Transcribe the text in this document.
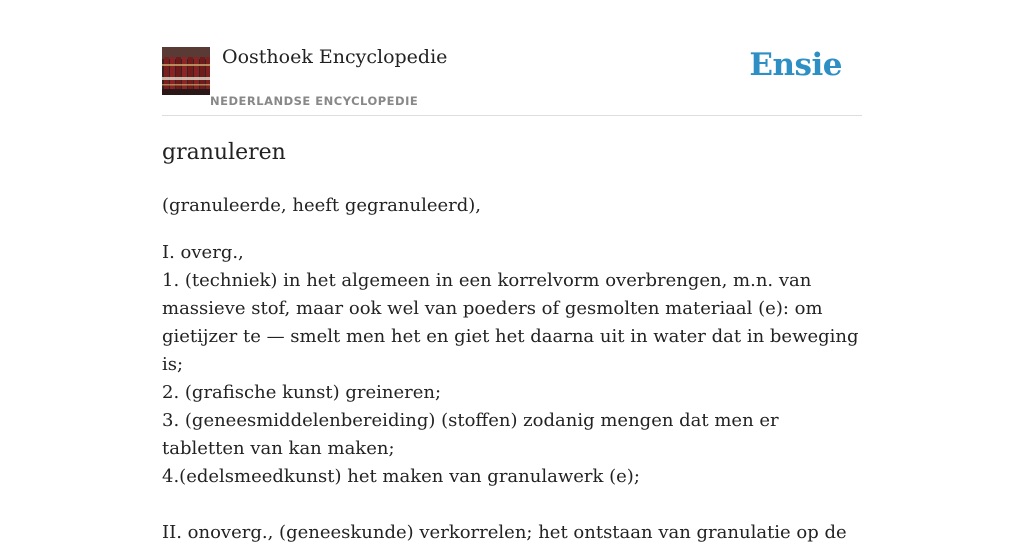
Oosthoek Encyclopedie
NEDERLANDSE ENCYCLOPEDIE
Ensie
granuleren
(granuleerde, heeft gegranuleerd),
I. overg.,
1. (techniek) in het algemeen in een korrelvorm overbrengen, m.n. van massieve stof, maar ook wel van poeders of gesmolten materiaal (e): om gietijzer te — smelt men het en giet het daarna uit in water dat in beweging is;
2. (grafische kunst) greineren;
3. (geneesmiddelenbereiding) (stoffen) zodanig mengen dat men er tabletten van kan maken;
4.(edelsmeedkunst) het maken van granulawerk (e);
II. onoverg., (geneeskunde) verkorrelen; het ontstaan van granulatie op de
